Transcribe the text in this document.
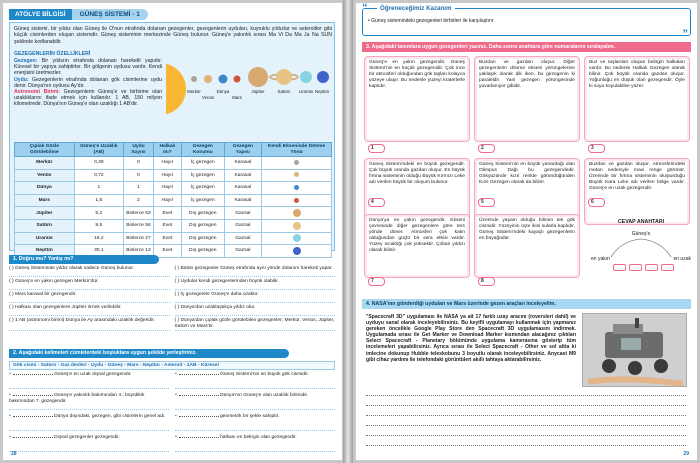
ATÖLYE BİLGİSİ	GÜNEŞ SİSTEMİ - 1
Güneş sistemi, bir yıldız olan Güneş ile O'nun etrafında dolanan gezegenler, gezegenlerin uyduları, kuyruklu yıldızlar ve asteroitler gibi küçük cisimlerden oluşan sistemdir. Güneş sisteminin merkezinde Güneş bulunur. Güneş'e yakınlık sırası Ma Vi Da Ma Ja Na SUN şeklinde kodlanabilir.
GEZEGENLERİN ÖZELLİKLERİ
Gezegen: Bir yıldızın etrafında dolanan hareketli yapıdır. Küresel bir yapıya sahiptirler. Bir gölgenin uydusu vardır. Kendi enerjisini üretmezler.
Uydu: Gezegenlerin etrafında dolanan gök cisimlerine uydu denir. Dünya'nın uydusu Ay'dır.
Astronomi Birimi: Gezegenlerin Güneş'e ve birbirine olan uzaklıklarını ifade etmek için kullanılır. 1 AB, 150 milyon kilometredir. Dünya'nın Güneş'e olan uzaklığı 1 AB'dir.
Merkür
Venüs
Dünya
Mars
Jüpiter	Satürn	Uranüs Neptün
Çıplak Gözle Görülebilme	Güneş'e Uzaklık (AB)	Uydu Sayısı	Halkalı mı?	Gezegen Konumu	Gezegen Yapısı	Kendi Ekseninde Dönme Yönü
Merkür	0,39	0	Hayır	İç gezegen	Karasal	
Venüs	0,72	0	Hayır	İç gezegen	Karasal	
Dünya	1	1	Hayır	İç gezegen	Karasal	
Mars	1,5	2	Hayır	İç gezegen	Karasal	
Jüpiter	5,2	Binlerce 63	Evet	Dış gezegen	Gazsal	
Satürn	9,5	Binlerce 56	Evet	Dış gezegen	Gazsal	
Uranüs	19,2	Binlerce 27	Evet	Dış gezegen	Gazsal	
Neptün	30,1	Binlerce 13	Evet	Dış gezegen	Gazsal	
1. Doğru mu? Yanlış mı?
( ) Güneş Sisteminde yıldız olarak sadece Güneş bulunur.	( ) Bütün gezegenler Güneş etrafında aynı yönde dolanım hareketi yapar.
( ) Güneş'e en yakın gezegen Merkür'dür.	( ) Uydular kendi gezegenlerinden büyük olabilir.
( ) Mars karasal bir gezegendir.	( ) İç gezegenler Güneş'e daha uzaktır.
( ) Halkası olan gezegenlere Jüpiter örnek verilebilir.	( ) Dünya'dan uzaklaştıkça yıldız olur.
( ) 1 AB (astronomi birimi) Dünya ile Ay arasındaki uzaklık değeridir.	( ) Dünya'dan çıplak gözle görülebilen gezegenler; Merkür, Venüs, Jüpiter, Satürn ve Mars'tır.
2. Aşağıdaki kelimeleri cümlelerdeki boşluklara uygun şekilde yerleştiriniz.
Gök cismi - Satürn - Gaz devleri - Uydu - Güneş - Mars - Neptün - Asteroit - 1AB - Küresel
•	Güneş'e en uzak dışsal gezegendir.	•	Güneş Sistemi'nin en büyük gök cismidir.
•	Güneş'e yakınlık bakımından 4.; büyüklük bakımından 7. gezegendir.
•	Dünya'nın Güneş'e olan uzaklık birimidir.
•	Dünya dışındaki, gezegen, gibi cisimlerin genel adı.	•	geometrik bir şekle sahiptir.
•	Dışsal gezegenler gezegendir.	•	halkası en belirgin olan gezegendir.
28
Öğreneceğimiz Kazanım
• Güneş sistemindeki gezegenleri birbirleri ile karşılaştırır.
“
”
3. Aşağıdaki tanımlara uygun gezegenleri yazınız. Daha sonra anahtara göre numaralarını sıralayalım.
Güneş'e en yakın gezegendir. Güneş Sistemi'nin en küçük gezegenidir. Çok ince bir atmosferi olduğundan gök taşları kolayca yüzeye ulaşır. Bu nedenle yüzeyi kraterlerle kaplıdır.
1
Buzdan ve gazdan oluşur. Diğer gezegenlerin dönme ekseni yörüngelerine yaklaşık olarak dik iken, bu gezegenin ki paraleldir. Yani gezegen yörüngesinde yuvarlanıyor gibidir.
2
Buz ve taşlardan oluşan belirgin halkaları vardır. Bu nedenle Halkalı Gezegen olarak bilinir. Çok büyük oranda gazdan oluşur. Yoğunluğu en düşük olan gezegendir. Öyle ki suya koyulabilse yüzer.
3
Güneş Sistemi'ndeki en büyük gezegendir. Çok büyük oranda gazdan oluşur. En büyük fırtına sisteminin olduğu Büyük Kırmızı Leke adı verilen büyük bir oluşum bulunur.
4
Güneş Sistemi'nin en büyük yanardağı olan Olimpus Dağı bu gezegendedir. Gökyüzünde kızıl renkte göründüğünden Kızıl Gezegen olarak da bilinir.
5
Buzdan ve gazdan oluşur. Atmosferindeki metan nedeniyle mavi renge görünür. Üzerinde bir fırtına sisteminin oluşturduğu Büyük Kara Leke adı verilen bölge vardır. Güneş'e en uzak gezegendir.
6
Dünya'ya en yakın gezegendir. Ekseni çevresinde diğer gezegenlere göre ters yönde döner. Atmosferi çok kalın olduğundan güçlü bir sera etkisi vardır. Yüzey sıcaklığı çok yüksektir. Çoban yıldızı olarak bilinir.
7
Üzerinde yaşam olduğu bilinen tek gök cismidir. Yüzeyinin üçte ikisi sularla kaplıdır. Güneş Sistemi'ndeki kayaçlı gezegenlerin en büyüğüdür.
8
CEVAP ANAHTARI
Güneş'e
en yakın	en uzak
4. NASA'nın gönderdiği uyduları ve Mars üzerinde gezen araçları inceleyelim.
"Spacecraft 3D" uygulaması ile NASA ya ait 17 farklı uzay aracını (roversleri dahil) ve uyduyu sanal olarak inceleyebilirsiniz. Bu keyifli uygulamayı kullanmak için yapmanız gereken öncelikle Google Play Store den Spacecraft 3D uygulamasını indirmek. Uygulamada sırası ile Get Marker ve Download Marker kısmından alacağınız çıktıları Select Spacecraft - Planetary bölümünde uygulama kamerasına gösterip tüm incelemeleri yapabilirsiniz. Ayrıca sırası ile Select Spacecraft - Other ve sol altta ki imlecine dokunup Hubble teleskobunu 3 boyutlu olarak inceleyebilirsiniz. Anycast M9 gibi cihaz yardımı ile telefondaki görüntüleri akıllı tahtaya aktarabilirsiniz.
29
